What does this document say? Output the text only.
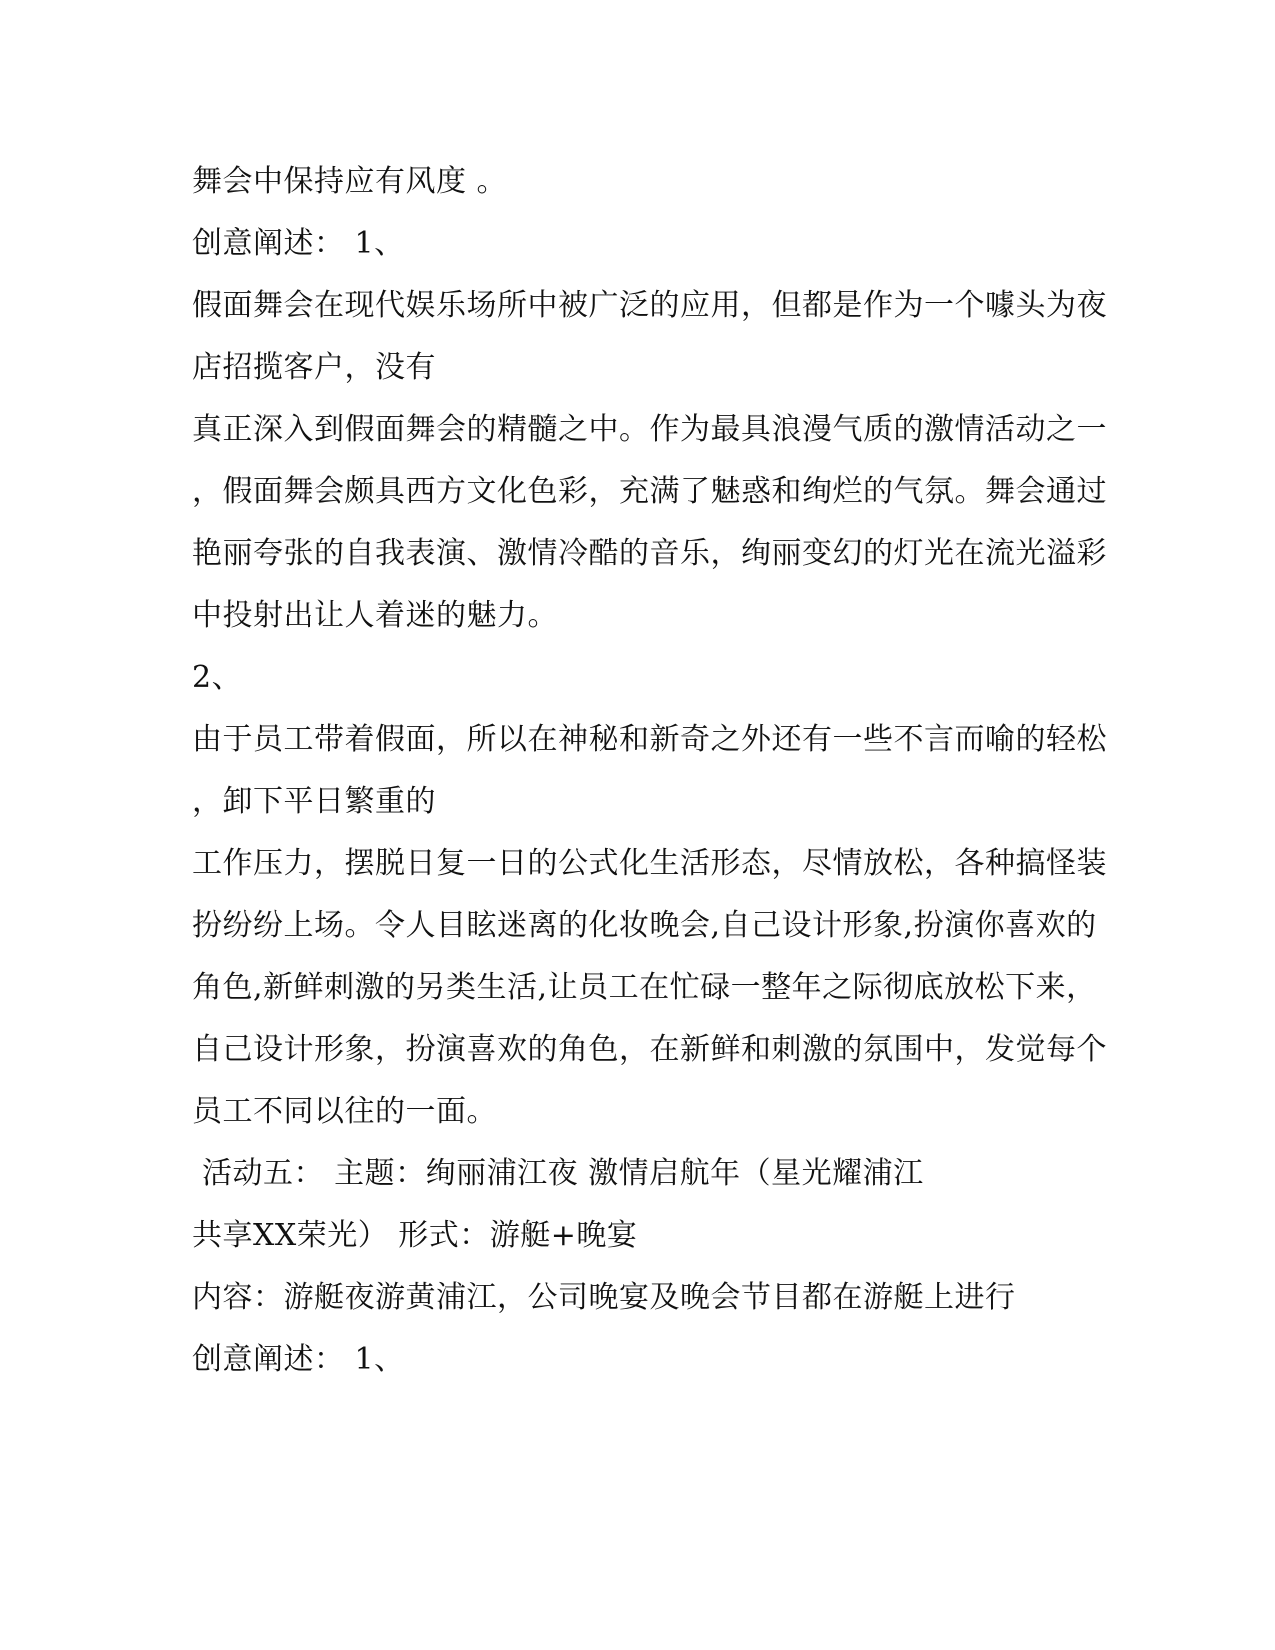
舞会中保持应有风度 。
创意阐述： 1、
假面舞会在现代娱乐场所中被广泛的应用，但都是作为一个噱头为夜
店招揽客户，没有
真正深入到假面舞会的精髓之中。作为最具浪漫气质的激情活动之一
，假面舞会颇具西方文化色彩，充满了魅惑和绚烂的气氛。舞会通过
艳丽夸张的自我表演、激情冷酷的音乐，绚丽变幻的灯光在流光溢彩
中投射出让人着迷的魅力。
2、
由于员工带着假面，所以在神秘和新奇之外还有一些不言而喻的轻松
，卸下平日繁重的
工作压力，摆脱日复一日的公式化生活形态，尽情放松，各种搞怪装
扮纷纷上场。令人目眩迷离的化妆晚会,自己设计形象,扮演你喜欢的
角色,新鲜刺激的另类生活,让员工在忙碌一整年之际彻底放松下来，
自己设计形象，扮演喜欢的角色，在新鲜和刺激的氛围中，发觉每个
员工不同以往的一面。
活动五： 主题：绚丽浦江夜 激情启航年（星光耀浦江
共享XX荣光） 形式：游艇+晚宴
内容：游艇夜游黄浦江，公司晚宴及晚会节目都在游艇上进行
创意阐述： 1、
